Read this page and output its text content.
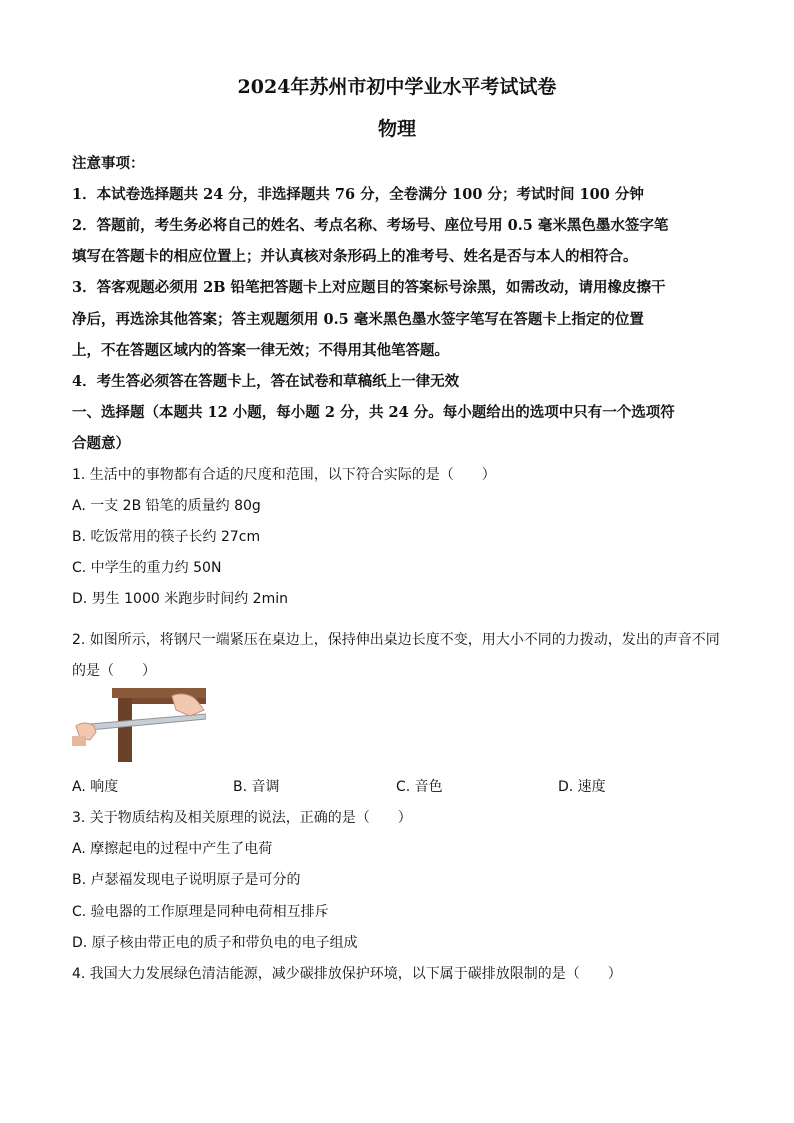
2024年苏州市初中学业水平考试试卷
物理
注意事项：
1．本试卷选择题共 24 分，非选择题共 76 分，全卷满分 100 分；考试时间 100 分钟
2．答题前，考生务必将自己的姓名、考点名称、考场号、座位号用 0.5 毫米黑色墨水签字笔
填写在答题卡的相应位置上；并认真核对条形码上的准考号、姓名是否与本人的相符合。
3．答客观题必须用 2B 铅笔把答题卡上对应题目的答案标号涂黑，如需改动，请用橡皮擦干
净后，再选涂其他答案；答主观题须用 0.5 毫米黑色墨水签字笔写在答题卡上指定的位置
上，不在答题区域内的答案一律无效；不得用其他笔答题。
4．考生答必须答在答题卡上，答在试卷和草稿纸上一律无效
一、选择题（本题共 12 小题，每小题 2 分，共 24 分。每小题给出的选项中只有一个选项符
合题意）
1. 生活中的事物都有合适的尺度和范围，以下符合实际的是（　　）
A. 一支 2B 铅笔的质量约 80g
B. 吃饭常用的筷子长约 27cm
C. 中学生的重力约 50N
D. 男生 1000 米跑步时间约 2min
2. 如图所示，将钢尺一端紧压在桌边上，保持伸出桌边长度不变，用大小不同的力拨动，发出的声音不同
的是（　　）
A. 响度	B. 音调	C. 音色	D. 速度
3. 关于物质结构及相关原理的说法，正确的是（　　）
A. 摩擦起电的过程中产生了电荷
B. 卢瑟福发现电子说明原子是可分的
C. 验电器的工作原理是同种电荷相互排斥
D. 原子核由带正电的质子和带负电的电子组成
4. 我国大力发展绿色清洁能源，减少碳排放保护环境，以下属于碳排放限制的是（　　）
